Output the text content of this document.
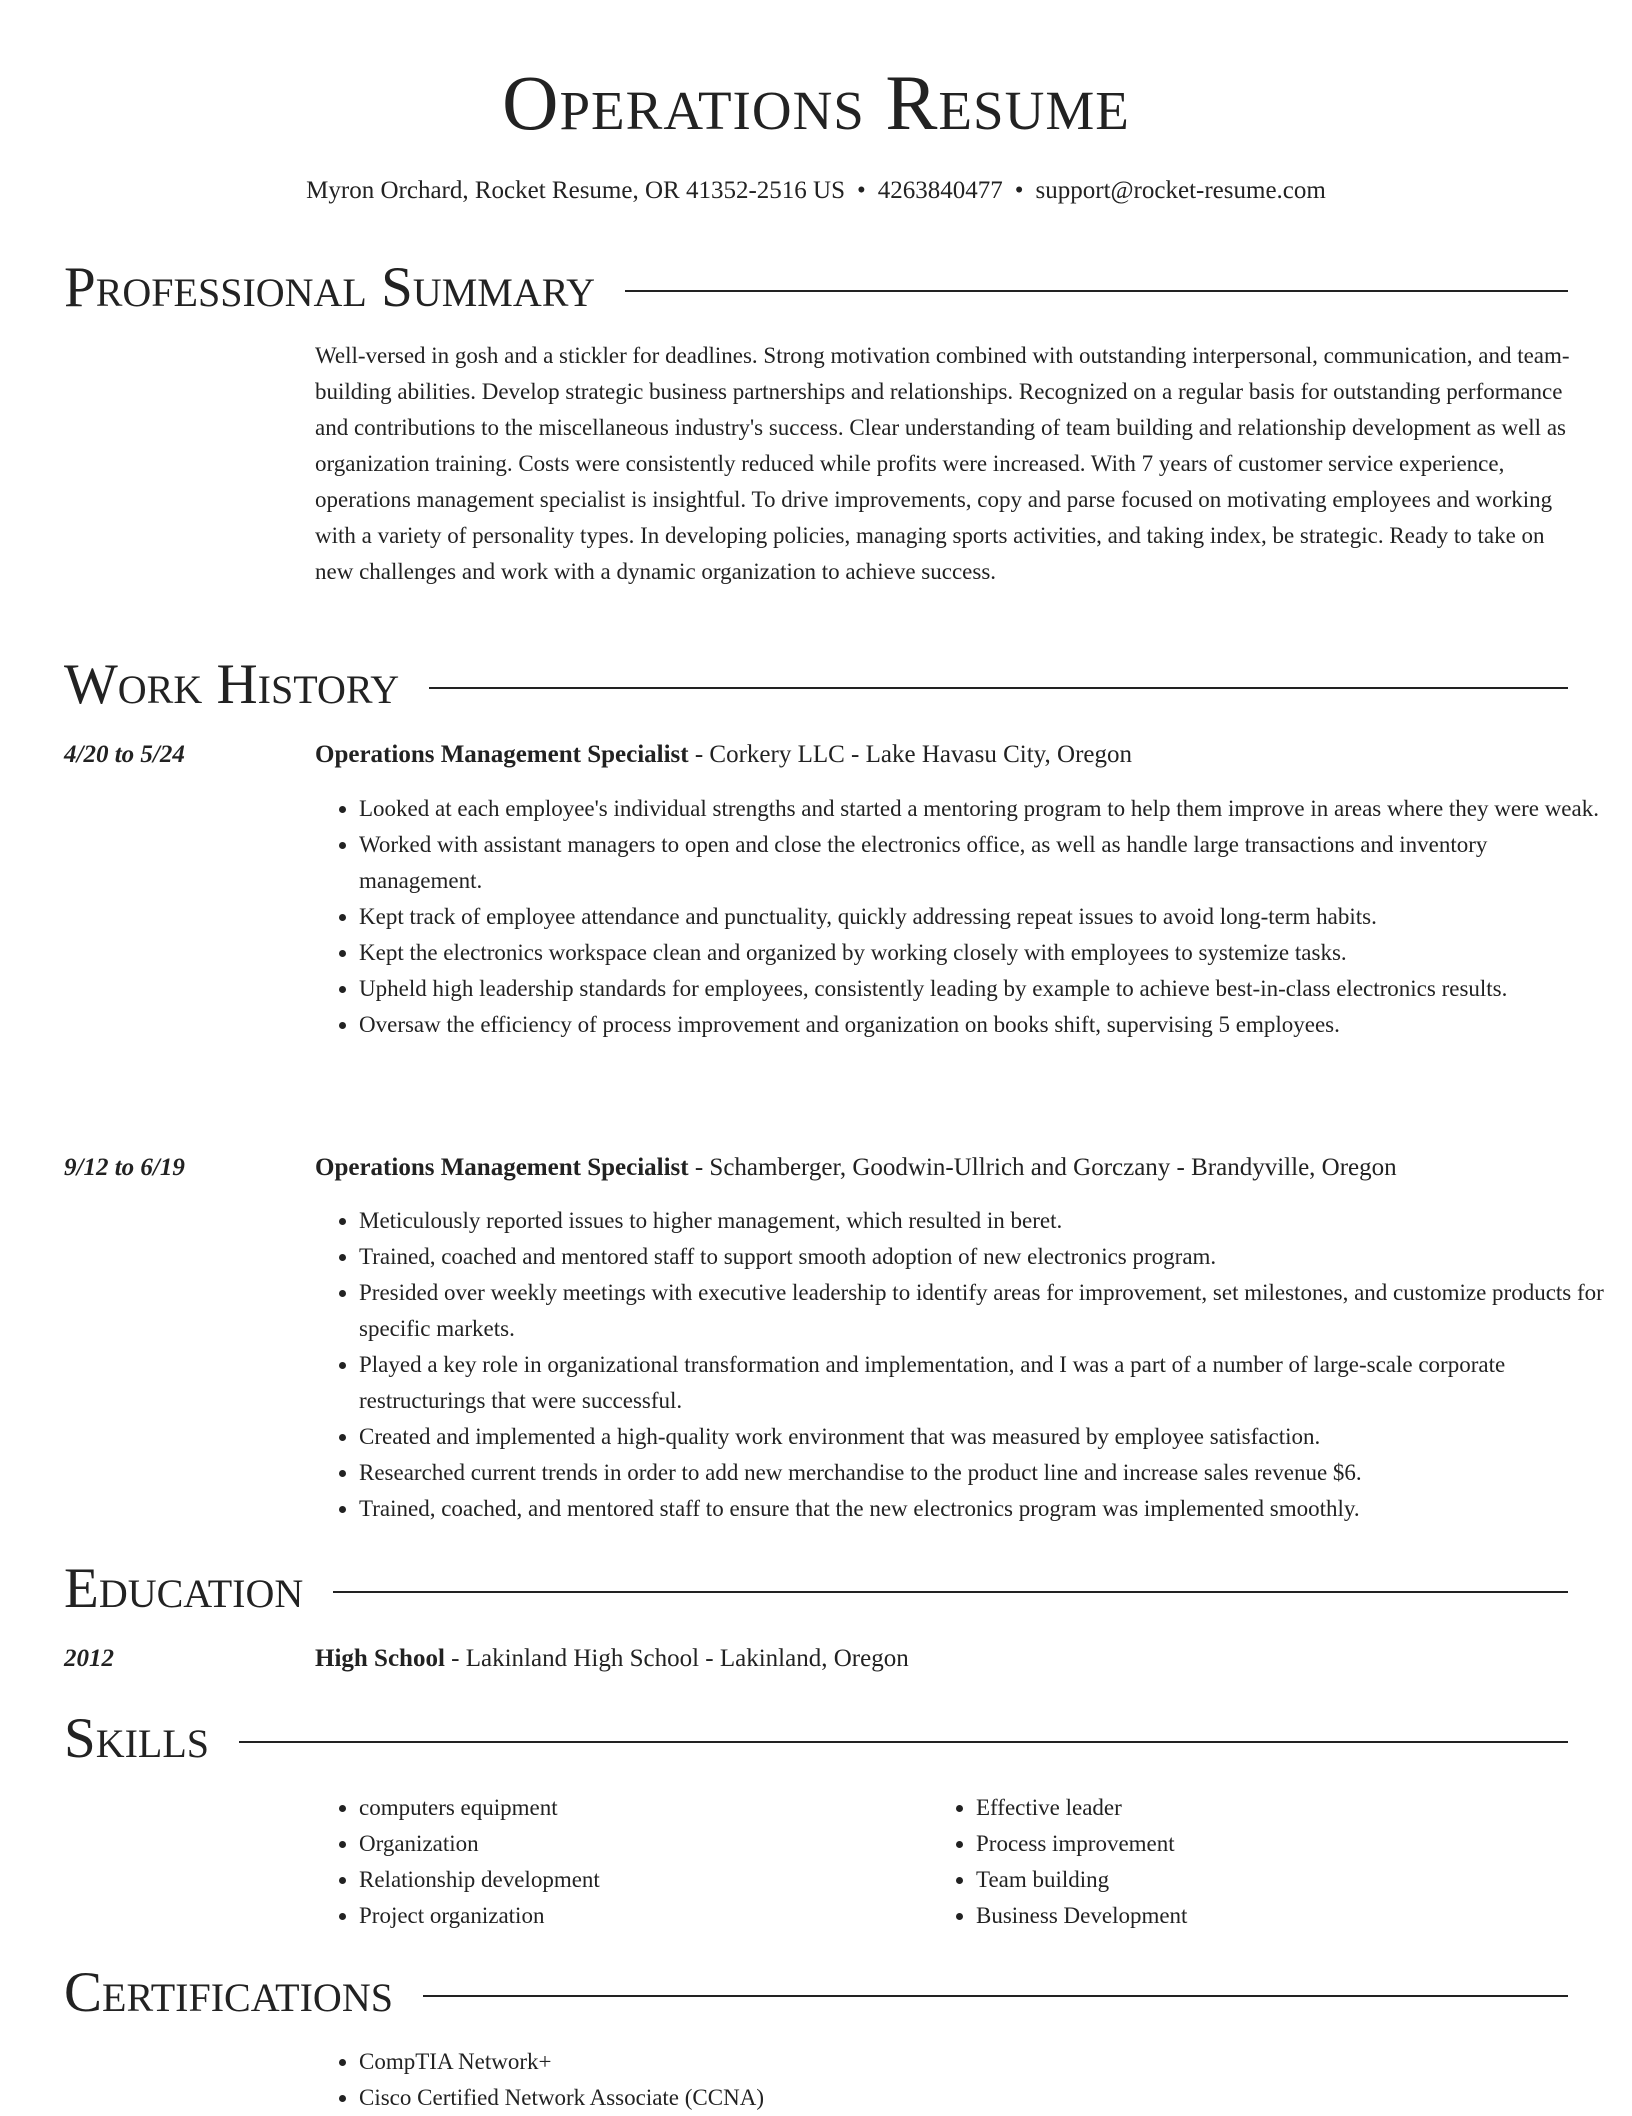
Operations Resume
Myron Orchard, Rocket Resume, OR 41352-2516 US • 4263840477 • support@rocket-resume.com
Professional Summary

Well-versed in gosh and a stickler for deadlines. Strong motivation combined with outstanding interpersonal, communication, and team-building abilities. Develop strategic business partnerships and relationships. Recognized on a regular basis for outstanding performance and contributions to the miscellaneous industry's success. Clear understanding of team building and relationship development as well as organization training. Costs were consistently reduced while profits were increased. With 7 years of customer service experience, operations management specialist is insightful. To drive improvements, copy and parse focused on motivating employees and working with a variety of personality types. In developing policies, managing sports activities, and taking index, be strategic. Ready to take on new challenges and work with a dynamic organization to achieve success.

Work History
4/20 to 5/24	Operations Management Specialist - Corkery LLC - Lake Havasu City, Oregon
• Looked at each employee's individual strengths and started a mentoring program to help them improve in areas where they were weak.
• Worked with assistant managers to open and close the electronics office, as well as handle large transactions and inventory management.
• Kept track of employee attendance and punctuality, quickly addressing repeat issues to avoid long-term habits.
• Kept the electronics workspace clean and organized by working closely with employees to systemize tasks.
• Upheld high leadership standards for employees, consistently leading by example to achieve best-in-class electronics results.
• Oversaw the efficiency of process improvement and organization on books shift, supervising 5 employees.
9/12 to 6/19	Operations Management Specialist - Schamberger, Goodwin-Ullrich and Gorczany - Brandyville, Oregon
• Meticulously reported issues to higher management, which resulted in beret.
• Trained, coached and mentored staff to support smooth adoption of new electronics program.
• Presided over weekly meetings with executive leadership to identify areas for improvement, set milestones, and customize products for specific markets.
• Played a key role in organizational transformation and implementation, and I was a part of a number of large-scale corporate restructurings that were successful.
• Created and implemented a high-quality work environment that was measured by employee satisfaction.
• Researched current trends in order to add new merchandise to the product line and increase sales revenue $6.
• Trained, coached, and mentored staff to ensure that the new electronics program was implemented smoothly.
Education
2012	High School - Lakinland High School - Lakinland, Oregon
Skills
• computers equipment
• Organization
• Relationship development
• Project organization
• Effective leader
• Process improvement
• Team building
• Business Development
Certifications
• CompTIA Network+
• Cisco Certified Network Associate (CCNA)
